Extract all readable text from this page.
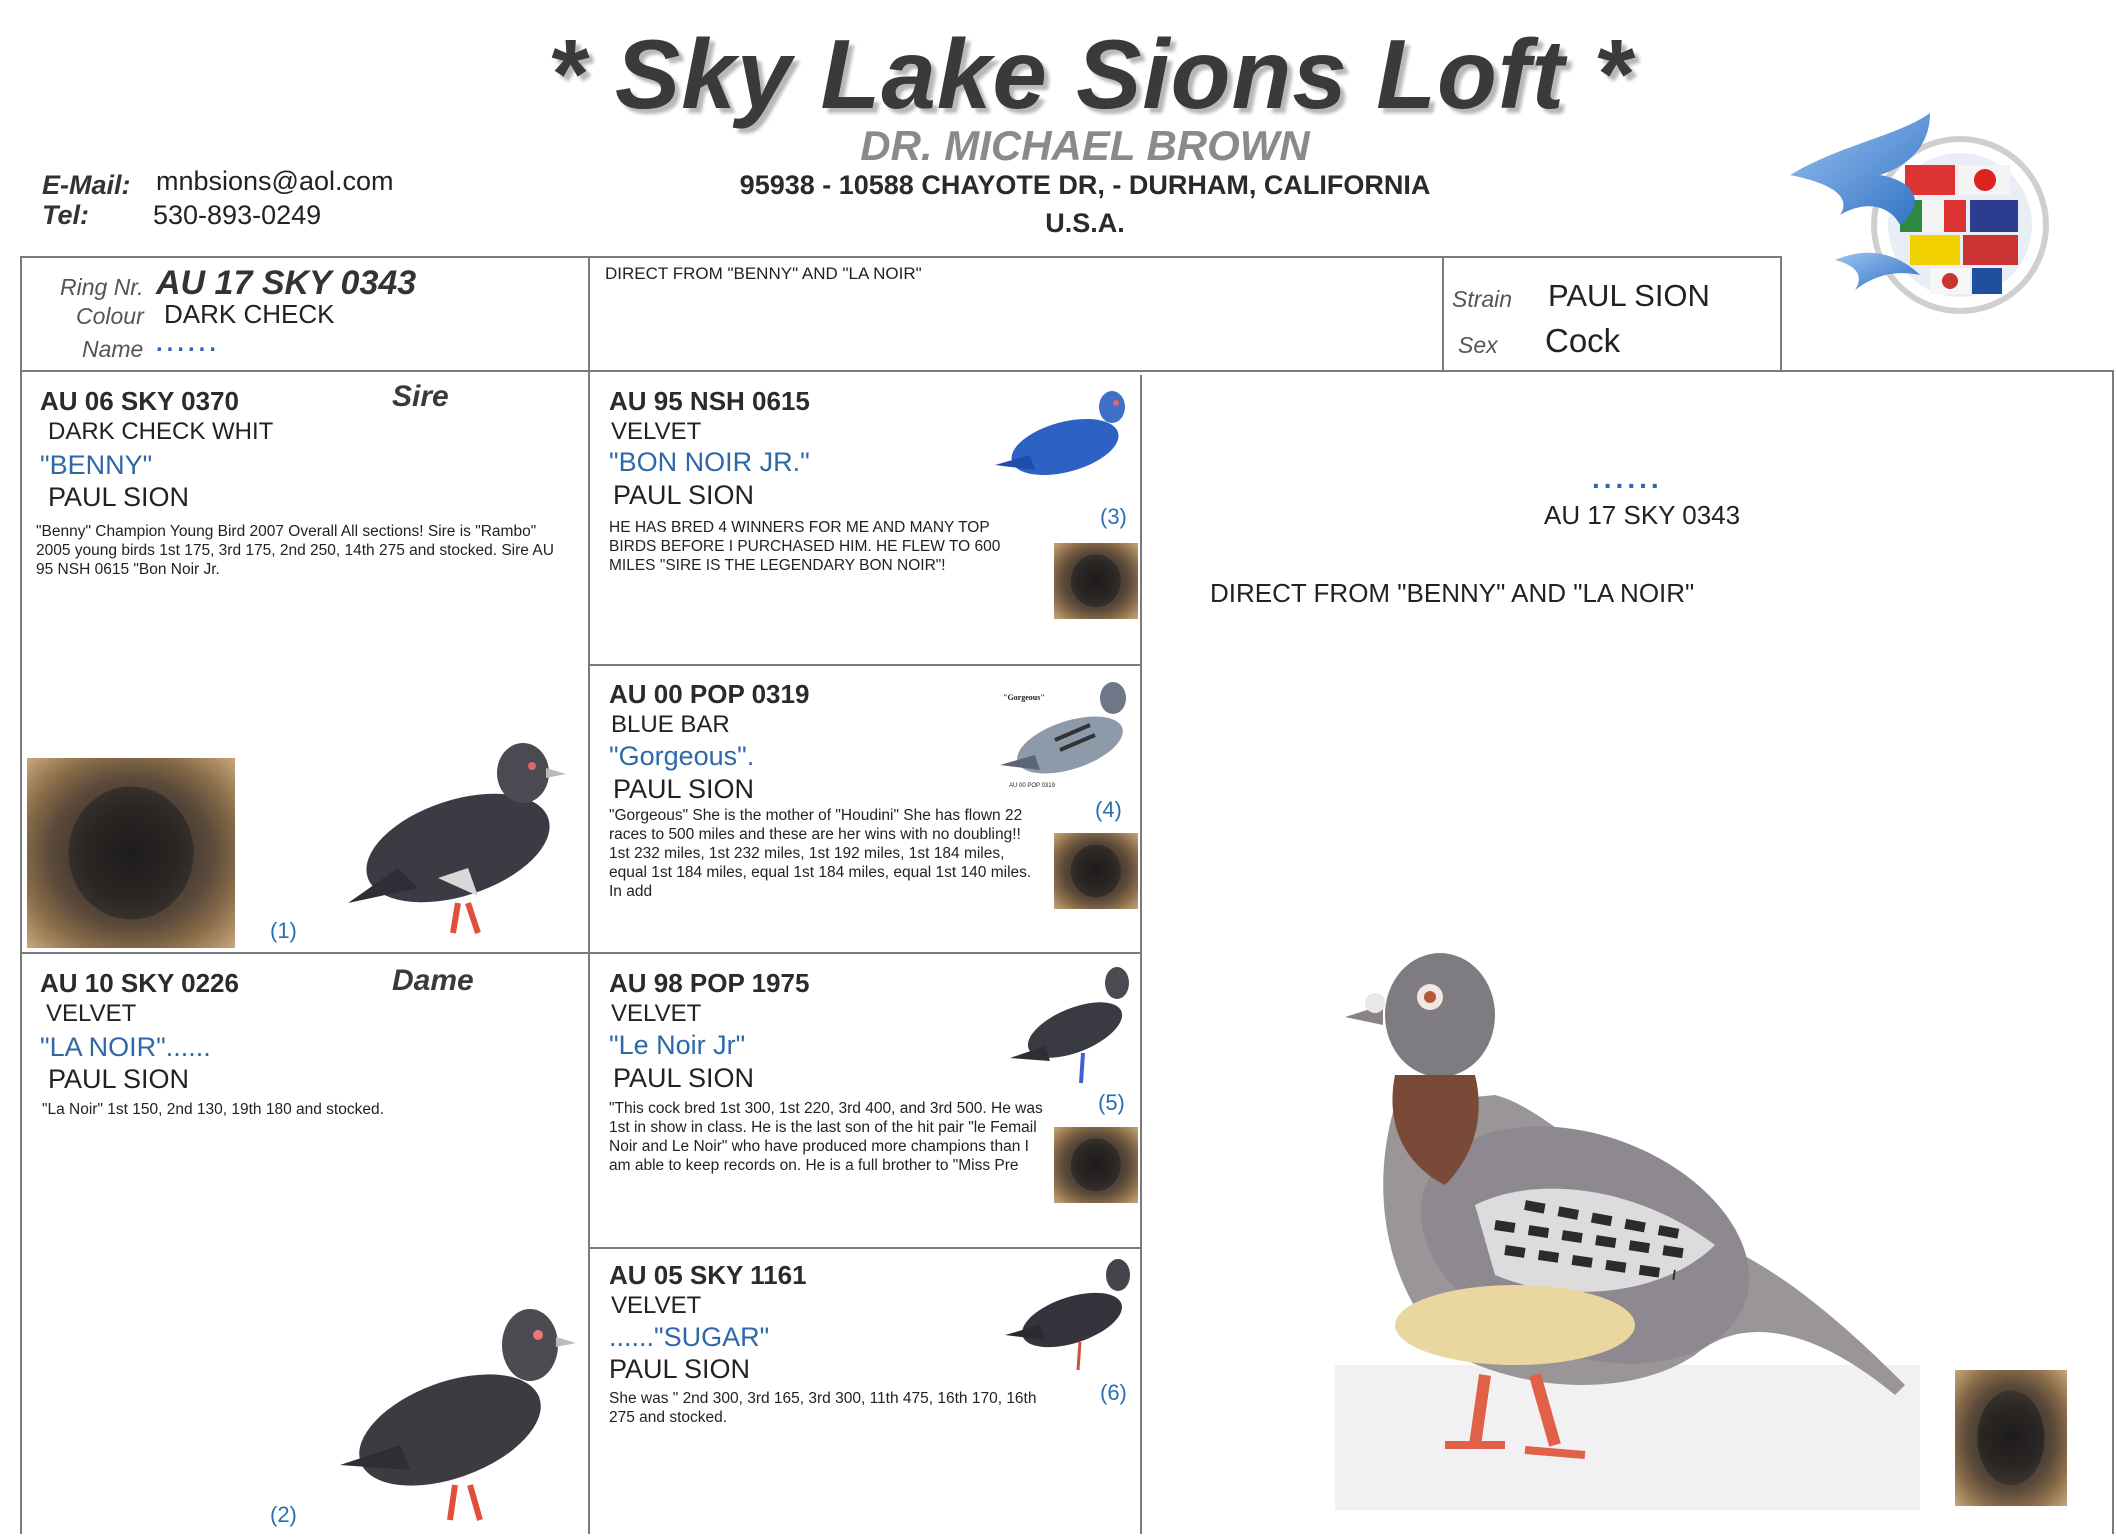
* Sky Lake Sions Loft *
DR. MICHAEL BROWN
95938 - 10588 CHAYOTE DR, - DURHAM, CALIFORNIA
U.S.A.
E-Mail: mnbsions@aol.com
Tel: 530-893-0249
Ring Nr. AU 17 SKY 0343
Colour DARK CHECK
Name ......
DIRECT FROM "BENNY" AND "LA NOIR"
Strain PAUL SION
Sex Cock
AU 06 SKY 0370	Sire
DARK CHECK WHIT
"BENNY"
PAUL SION
"Benny" Champion Young Bird 2007 Overall All sections! Sire is "Rambo" 2005 young birds 1st 175, 3rd 175, 2nd 250, 14th 275 and stocked. Sire AU 95 NSH 0615 "Bon Noir Jr.
(1)
AU 10 SKY 0226	Dame
VELVET
"LA NOIR"......
PAUL SION
"La Noir" 1st 150, 2nd 130, 19th 180 and stocked.
(2)
AU 95 NSH 0615
VELVET
"BON NOIR JR."
PAUL SION
HE HAS BRED 4 WINNERS FOR ME AND MANY TOP BIRDS BEFORE I PURCHASED HIM. HE FLEW TO 600 MILES "SIRE IS THE LEGENDARY BON NOIR"!
(3)
AU 00 POP 0319
BLUE BAR
"Gorgeous".
PAUL SION
"Gorgeous" She is the mother of "Houdini" She has flown 22 races to 500 miles and these are her wins with no doubling!! 1st 232 miles, 1st 232 miles, 1st 192 miles, 1st 184 miles, equal 1st 184 miles, equal 1st 184 miles, equal 1st 140 miles. In add
"Gorgeous"
AU 00 POP 0319
(4)
AU 98 POP 1975
VELVET
"Le Noir Jr"
PAUL SION
"This cock bred 1st 300, 1st 220, 3rd 400, and 3rd 500. He was 1st in show in class. He is the last son of the hit pair "le Femail Noir and Le Noir" who have produced more champions than I am able to keep records on. He is a full brother to "Miss Pre
(5)
AU 05 SKY 1161
VELVET
......"SUGAR"
PAUL SION
She was " 2nd 300, 3rd 165, 3rd 300, 11th 475, 16th 170, 16th 275 and stocked.
(6)
......
AU 17 SKY 0343
DIRECT FROM "BENNY" AND "LA NOIR"
